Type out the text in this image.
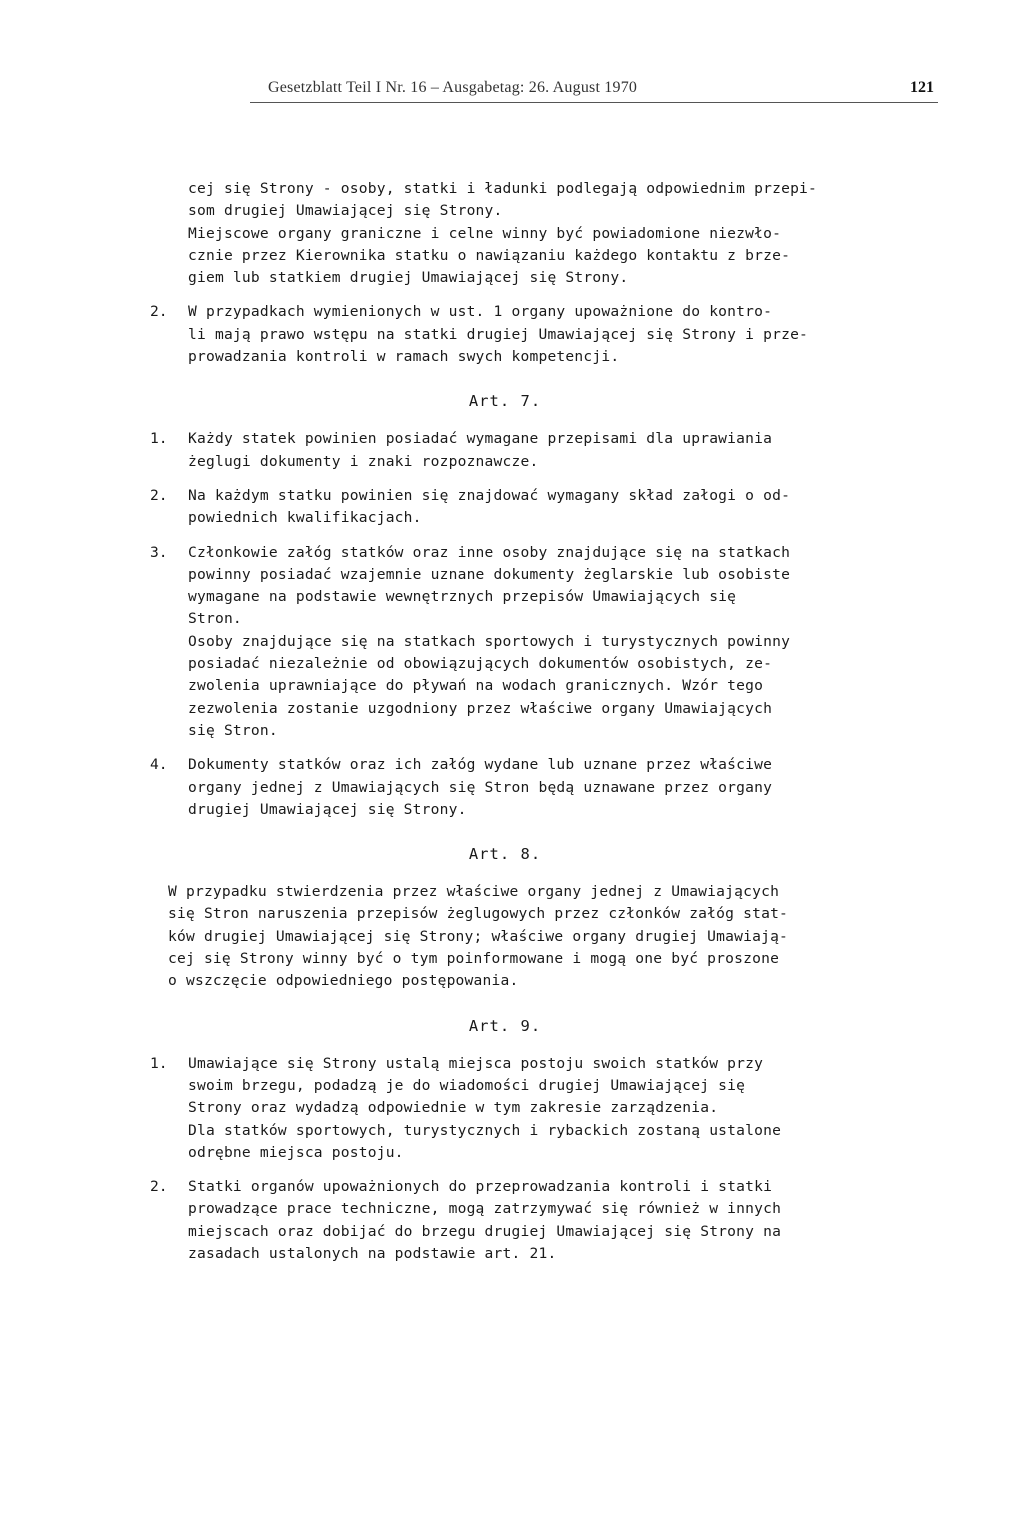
Gesetzblatt Teil I Nr. 16 – Ausgabetag: 26. August 1970	121
cej się Strony - osoby, statki i ładunki podlegają odpowiednim przepi-
som drugiej Umawiającej się Strony.
Miejscowe organy graniczne i celne winny być powiadomione niezwło-
cznie przez Kierownika statku o nawiązaniu każdego kontaktu z brze-
giem lub statkiem drugiej Umawiającej się Strony.
2. W przypadkach wymienionych w ust. 1 organy upoważnione do kontro-
li mają prawo wstępu na statki drugiej Umawiającej się Strony i prze-
prowadzania kontroli w ramach swych kompetencji.
Art. 7.
1. Każdy statek powinien posiadać wymagane przepisami dla uprawiania
żeglugi dokumenty i znaki rozpoznawcze.
2. Na każdym statku powinien się znajdować wymagany skład załogi o od-
powiednich kwalifikacjach.
3. Członkowie załóg statków oraz inne osoby znajdujące się na statkach
powinny posiadać wzajemnie uznane dokumenty żeglarskie lub osobiste
wymagane na podstawie wewnętrznych przepisów Umawiających się
Stron.
Osoby znajdujące się na statkach sportowych i turystycznych powinny
posiadać niezależnie od obowiązujących dokumentów osobistych, ze-
zwolenia uprawniające do pływań na wodach granicznych. Wzór tego
zezwolenia zostanie uzgodniony przez właściwe organy Umawiających
się Stron.
4. Dokumenty statków oraz ich załóg wydane lub uznane przez właściwe
organy jednej z Umawiających się Stron będą uznawane przez organy
drugiej Umawiającej się Strony.
Art. 8.
W przypadku stwierdzenia przez właściwe organy jednej z Umawiających
się Stron naruszenia przepisów żeglugowych przez członków załóg stat-
ków drugiej Umawiającej się Strony; właściwe organy drugiej Umawiają-
cej się Strony winny być o tym poinformowane i mogą one być proszone
o wszczęcie odpowiedniego postępowania.
Art. 9.
1. Umawiające się Strony ustalą miejsca postoju swoich statków przy
swoim brzegu, podadzą je do wiadomości drugiej Umawiającej się
Strony oraz wydadzą odpowiednie w tym zakresie zarządzenia.
Dla statków sportowych, turystycznych i rybackich zostaną ustalone
odrębne miejsca postoju.
2. Statki organów upoważnionych do przeprowadzania kontroli i statki
prowadzące prace techniczne, mogą zatrzymywać się również w innych
miejscach oraz dobijać do brzegu drugiej Umawiającej się Strony na
zasadach ustalonych na podstawie art. 21.
